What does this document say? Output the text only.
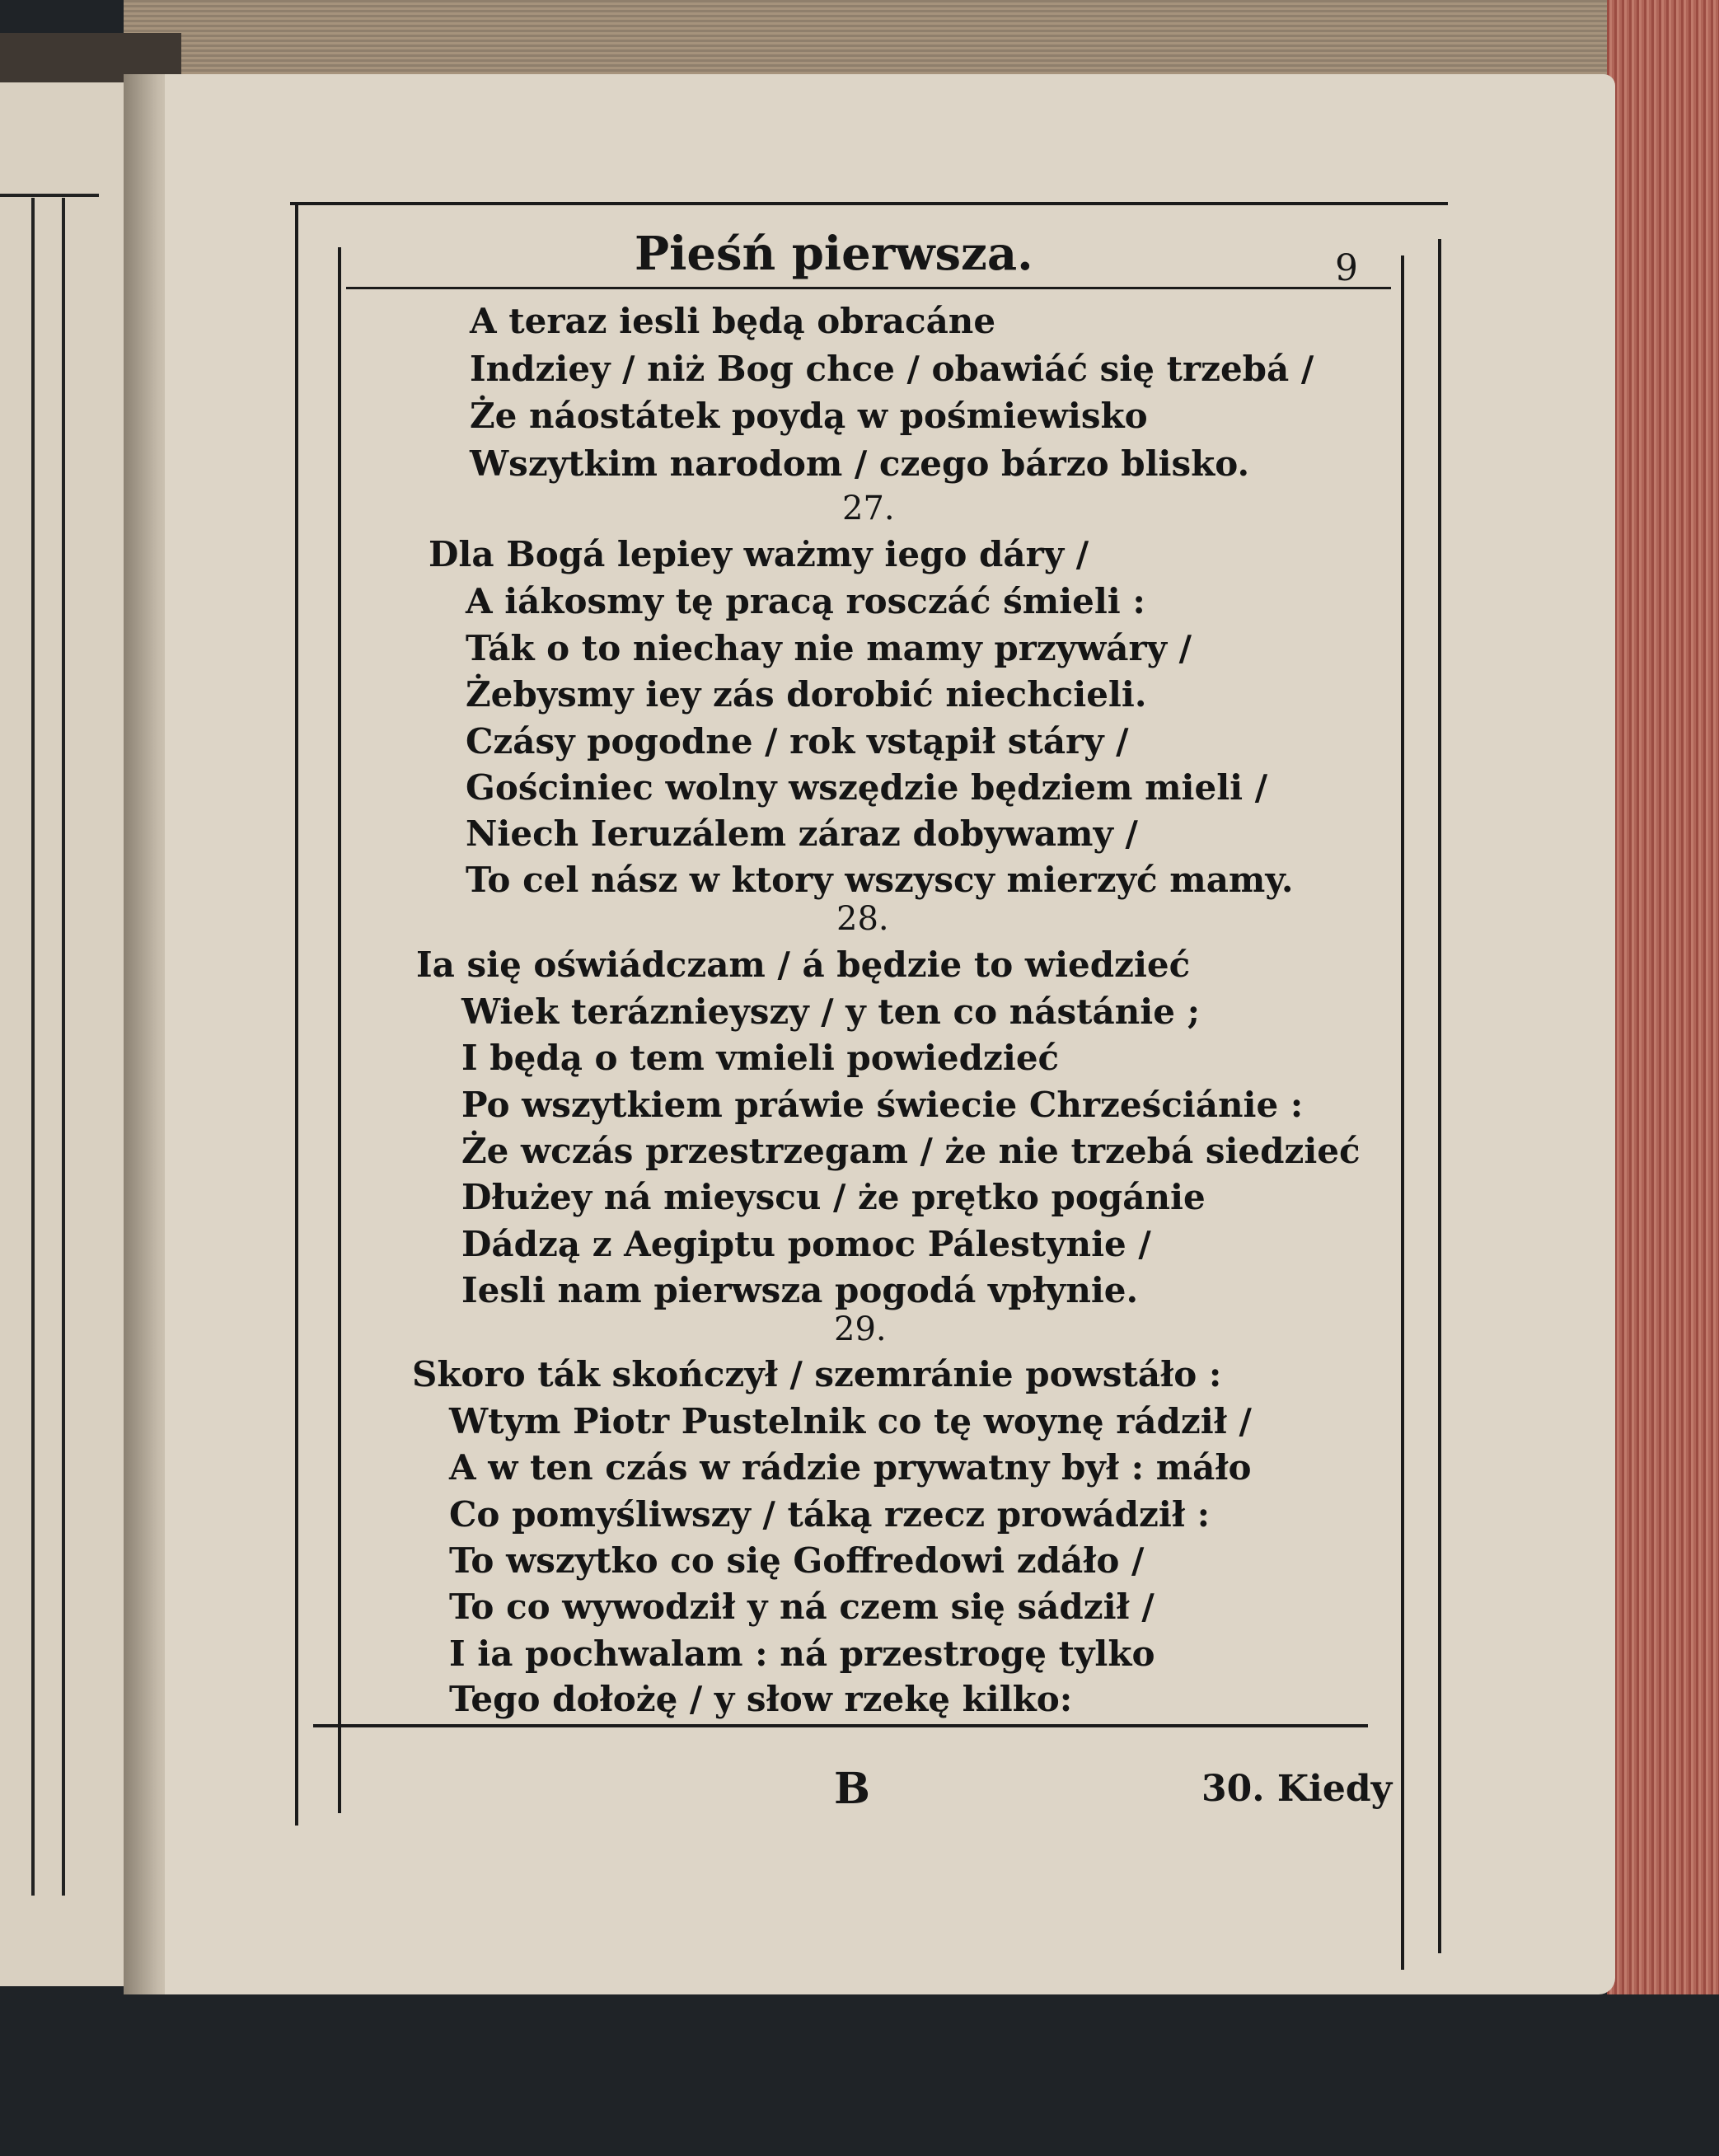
Pieśń pierwsza.	9
A teraz iesli będą obracáne
Indziey / niż Bog chce / obawiáć się trzebá /
Że náostátek poydą w pośmiewisko
Wszytkim narodom / czego bárzo blisko.
27.
Dla Bogá lepiey ważmy iego dáry /
A iákosmy tę pracą rosczáć śmieli :
Ták o to niechay nie mamy przywáry /
Żebysmy iey zás dorobić niechcieli.
Czásy pogodne / rok vstąpił stáry /
Gościniec wolny wszędzie będziem mieli /
Niech Ieruzálem záraz dobywamy /
To cel nász w ktory wszyscy mierzyć mamy.
28.
Ia się oświádczam / á będzie to wiedzieć
Wiek teráznieyszy / y ten co nástánie ;
I będą o tem vmieli powiedzieć
Po wszytkiem práwie świecie Chrześciánie :
Że wczás przestrzegam / że nie trzebá siedzieć
Dłużey ná mieyscu / że prętko pogánie
Dádzą z Aegiptu pomoc Pálestynie /
Iesli nam pierwsza pogodá vpłynie.
29.
Skoro ták skończył / szemránie powstáło :
Wtym Piotr Pustelnik co tę woynę rádził /
A w ten czás w rádzie prywatny był : máło
Co pomyśliwszy / táką rzecz prowádził :
To wszytko co się Goffredowi zdáło /
To co wywodził y ná czem się sádził /
I ia pochwalam : ná przestrogę tylko
Tego dołożę / y słow rzekę kilko:
B	30. Kiedy
